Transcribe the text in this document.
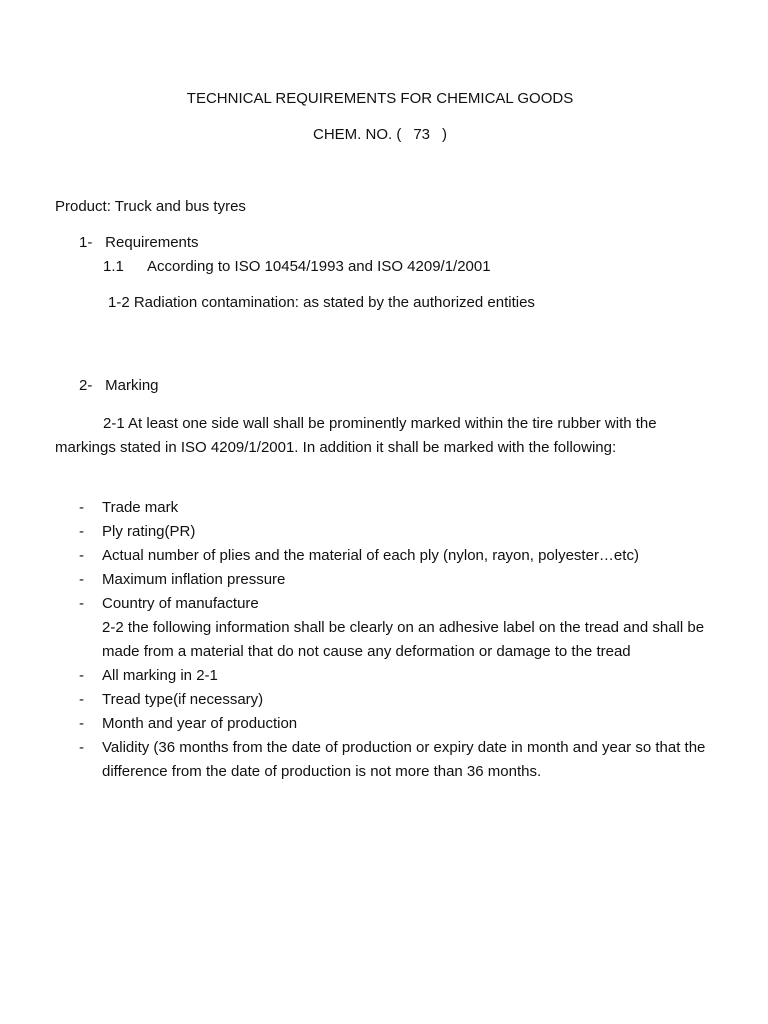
TECHNICAL REQUIREMENTS FOR CHEMICAL GOODS
CHEM. NO. ( 73 )
Product: Truck and bus tyres
1- Requirements
1.1 According to ISO 10454/1993 and ISO 4209/1/2001
1-2 Radiation contamination: as stated by the authorized entities
2- Marking
2-1 At least one side wall shall be prominently marked within the tire rubber with the markings stated in ISO 4209/1/2001. In addition it shall be marked with the following:
- Trade mark
- Ply rating(PR)
- Actual number of plies and the material of each ply (nylon, rayon, polyester…etc)
- Maximum inflation pressure
- Country of manufacture
2-2 the following information shall be clearly on an adhesive label on the tread and shall be made from a material that do not cause any deformation or damage to the tread
- All marking in 2-1
- Tread type(if necessary)
- Month and year of production
- Validity (36 months from the date of production or expiry date in month and year so that the difference from the date of production is not more than 36 months.
